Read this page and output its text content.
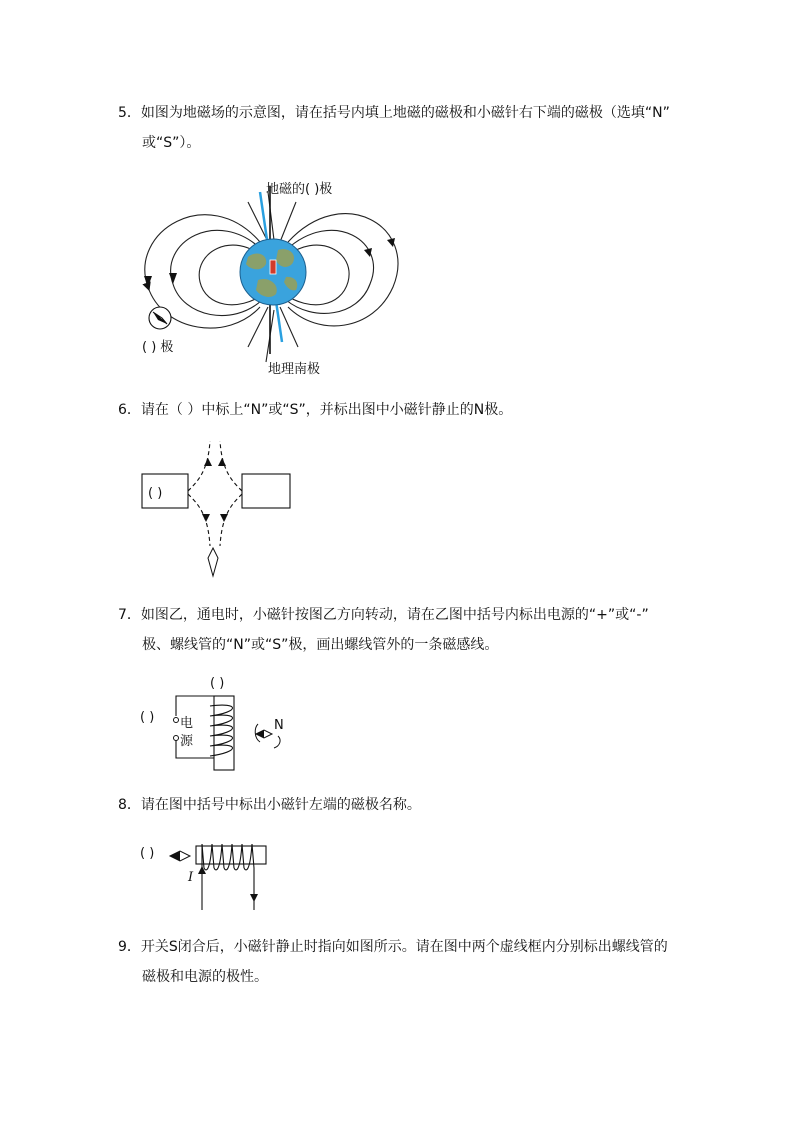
5．如图为地磁场的示意图，请在括号内填上地磁的磁极和小磁针右下端的磁极（选填“N”
或“S”）。
地磁的( )极
( ) 极
地理南极
6．请在（ ）中标上“N”或“S”，并标出图中小磁针静止的N极。
( )
7．如图乙，通电时，小磁针按图乙方向转动，请在乙图中括号内标出电源的“+”或“-”
极、螺线管的“N”或“S”极，画出螺线管外的一条磁感线。
( )
( ) 电
源
N
8．请在图中括号中标出小磁针左端的磁极名称。
( )
I
9．开关S闭合后，小磁针静止时指向如图所示。请在图中两个虚线框内分别标出螺线管的
磁极和电源的极性。
